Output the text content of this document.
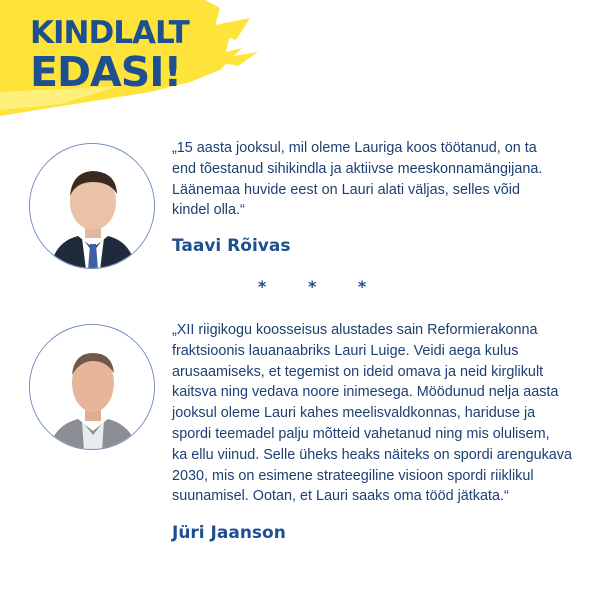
KINDLALT
EDASI!
„15 aasta jooksul, mil oleme Lauriga koos töötanud, on ta
end tõestanud sihikindla ja aktiivse meeskonnamängijana.
Läänemaa huvide eest on Lauri alati väljas, selles võid
kindel olla.“
Taavi Rõivas
* * *
„XII riigikogu koosseisus alustades sain Reformierakonna
fraktsioonis lauanaabriks Lauri Luige. Veidi aega kulus
arusaamiseks, et tegemist on ideid omava ja neid kirglikult
kaitsva ning vedava noore inimesega. Möödunud nelja aasta
jooksul oleme Lauri kahes meelisvaldkonnas, hariduse ja
spordi teemadel palju mõtteid vahetanud ning mis olulisem,
ka ellu viinud. Selle üheks heaks näiteks on spordi arengukava
2030, mis on esimene strateegiline visioon spordi riiklikul
suunamisel. Ootan, et Lauri saaks oma tööd jätkata.“
Jüri Jaanson
